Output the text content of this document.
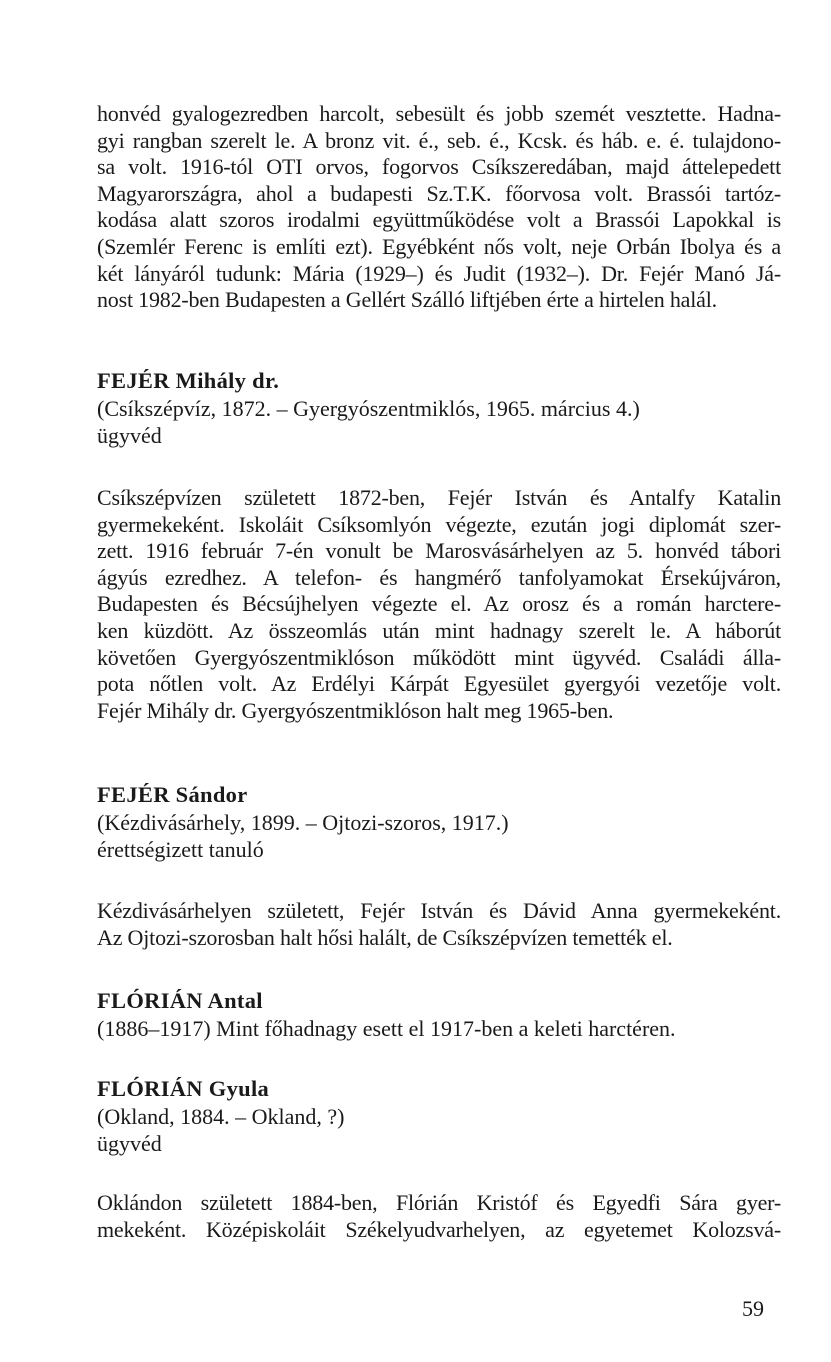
honvéd gyalogezredben harcolt, sebesült és jobb szemét vesztette. Hadna-
gyi rangban szerelt le. A bronz vit. é., seb. é., Kcsk. és háb. e. é. tulajdono-
sa volt. 1916-tól OTI orvos, fogorvos Csíkszeredában, majd áttelepedett
Magyarországra, ahol a budapesti Sz.T.K. főorvosa volt. Brassói tartóz-
kodása alatt szoros irodalmi együttműködése volt a Brassói Lapokkal is
(Szemlér Ferenc is említi ezt). Egyébként nős volt, neje Orbán Ibolya és a
két lányáról tudunk: Mária (1929–) és Judit (1932–). Dr. Fejér Manó Já-
nost 1982-ben Budapesten a Gellért Szálló liftjében érte a hirtelen halál.

FEJÉR Mihály dr.

(Csíkszépvíz, 1872. – Gyergyószentmiklós, 1965. március 4.)

ügyvéd

Csíkszépvízen született 1872-ben, Fejér István és Antalfy Katalin
gyermekeként. Iskoláit Csíksomlyón végezte, ezután jogi diplomát szer-
zett. 1916 február 7-én vonult be Marosvásárhelyen az 5. honvéd tábori
ágyús ezredhez. A telefon- és hangmérő tanfolyamokat Érsekújváron,
Budapesten és Bécsújhelyen végezte el. Az orosz és a román harctere-
ken küzdött. Az összeomlás után mint hadnagy szerelt le. A háborút
követően Gyergyószentmiklóson működött mint ügyvéd. Családi álla-
pota nőtlen volt. Az Erdélyi Kárpát Egyesület gyergyói vezetője volt.
Fejér Mihály dr. Gyergyószentmiklóson halt meg 1965-ben.

FEJÉR Sándor

(Kézdivásárhely, 1899. – Ojtozi-szoros, 1917.)

érettségizett tanuló

Kézdivásárhelyen született, Fejér István és Dávid Anna gyermekeként.
Az Ojtozi-szorosban halt hősi halált, de Csíkszépvízen temették el.

FLÓRIÁN Antal

(1886–1917) Mint főhadnagy esett el 1917-ben a keleti harctéren.

FLÓRIÁN Gyula

(Okland, 1884. – Okland, ?)

ügyvéd

Oklándon született 1884-ben, Flórián Kristóf és Egyedfi Sára gyer-
mekeként. Középiskoláit Székelyudvarhelyen, az egyetemet Kolozsvá-

59
